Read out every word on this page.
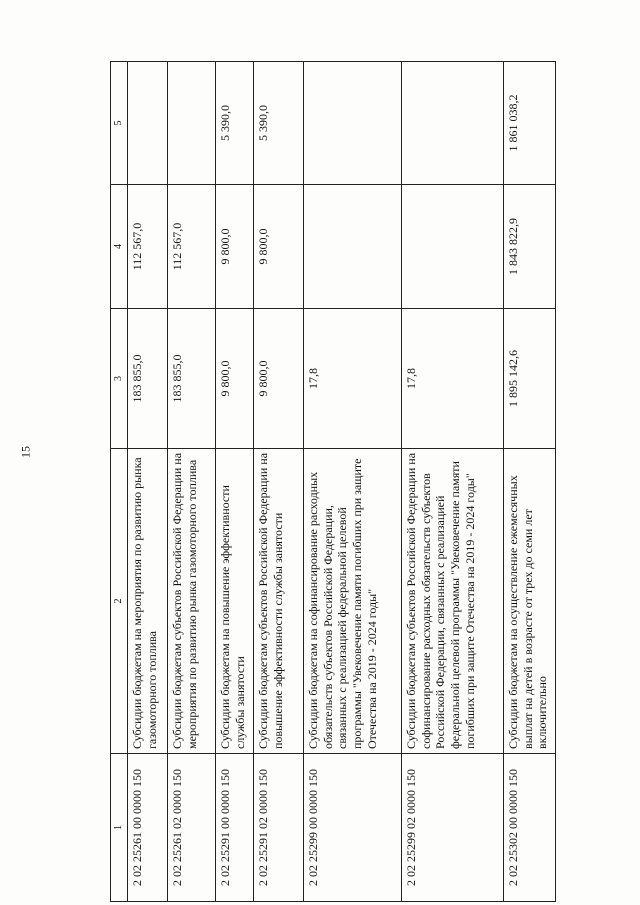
15
1	2	3	4	5
2 02 25261 00 0000 150	Субсидии бюджетам на мероприятия по развитию рынка газомоторного топлива	183 855,0	112 567,0	
2 02 25261 02 0000 150	Субсидии бюджетам субъектов Российской Федерации на мероприятия по развитию рынка газомоторного топлива	183 855,0	112 567,0	
2 02 25291 00 0000 150	Субсидии бюджетам на повышение эффективности службы занятости	9 800,0	9 800,0	5 390,0
2 02 25291 02 0000 150	Субсидии бюджетам субъектов Российской Федерации на повышение эффективности службы занятости	9 800,0	9 800,0	5 390,0
2 02 25299 00 0000 150	Субсидии бюджетам на софинансирование расходных обязательств субъектов Российской Федерации, связанных с реализацией федеральной целевой программы "Увековечение памяти погибших при защите Отечества на 2019 - 2024 годы"	17,8		
2 02 25299 02 0000 150	Субсидии бюджетам субъектов Российской Федерации на софинансирование расходных обязательств субъектов Российской Федерации, связанных с реализацией федеральной целевой программы "Увековечение памяти погибших при защите Отечества на 2019 - 2024 годы"	17,8		
2 02 25302 00 0000 150	Субсидии бюджетам на осуществление ежемесячных выплат на детей в возрасте от трех до семи лет включительно	1 895 142,6	1 843 822,9	1 861 038,2
